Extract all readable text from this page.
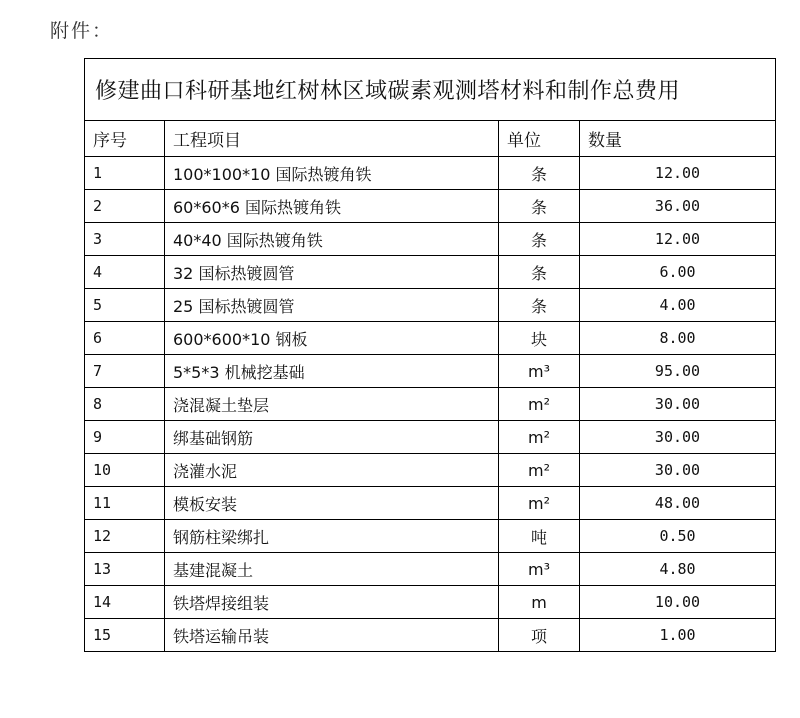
附件：
修建曲口科研基地红树林区域碳素观测塔材料和制作总费用			
序号	工程项目	单位	数量
1	100*100*10 国际热镀角铁	条	12.00
2	60*60*6 国际热镀角铁	条	36.00
3	40*40 国际热镀角铁	条	12.00
4	32 国标热镀圆管	条	6.00
5	25 国标热镀圆管	条	4.00
6	600*600*10 钢板	块	8.00
7	5*5*3 机械挖基础	m³	95.00
8	浇混凝土垫层	m²	30.00
9	绑基础钢筋	m²	30.00
10	浇灌水泥	m²	30.00
11	模板安装	m²	48.00
12	钢筋柱梁绑扎	吨	0.50
13	基建混凝土	m³	4.80
14	铁塔焊接组装	m	10.00
15	铁塔运输吊装	项	1.00
